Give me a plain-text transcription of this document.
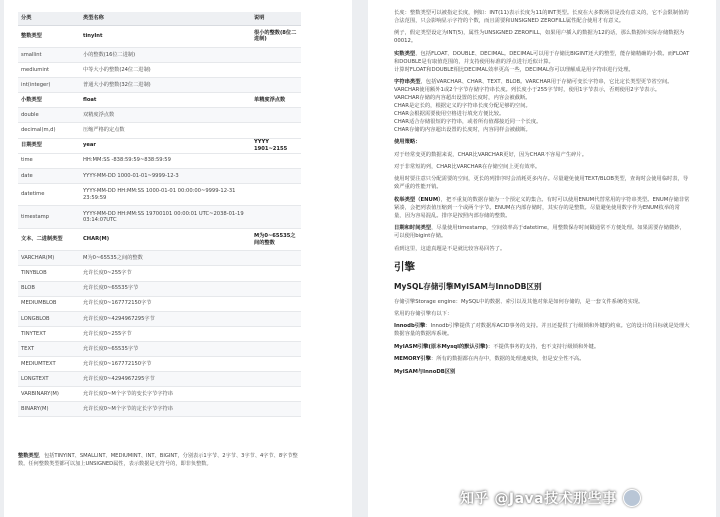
分类	类型名称	说明
整数类型	tinyInt	很小的整数(8位二进制)
smallint	小的整数(16位二进制)	
mediumint	中等大小的整数(24位二进制)	
int(integer)	普通大小的整数(32位二进制)	
小数类型	float	单精度浮点数
double	双精度浮点数	
decimal(m,d)	压缩严格的定点数	
日期类型	year	YYYY 1901~2155
time	HH:MM:SS -838:59:59~838:59:59	
date	YYYY-MM-DD 1000-01-01~9999-12-3	
datetime	YYYY-MM-DD HH:MM:SS 1000-01-01 00:00:00~9999-12-31 23:59:59	
timestamp	YYYY-MM-DD HH:MM:SS 19700101 00:00:01 UTC~2038-01-19 03:14:07UTC	
文本、二进制类型	CHAR(M)	M为0~65535之间的整数
VARCHAR(M)	M为0~65535之间的整数	
TINYBLOB	允许长度0~255字节	
BLOB	允许长度0~65535字节	
MEDIUMBLOB	允许长度0~167772150字节	
LONGBLOB	允许长度0~4294967295字节	
TINYTEXT	允许长度0~255字节	
TEXT	允许长度0~65535字节	
MEDIUMTEXT	允许长度0~167772150字节	
LONGTEXT	允许长度0~4294967295字节	
VARBINARY(M)	允许长度0~M个字节的变长字节字符串	
BINARY(M)	允许长度0~M个字节的定长字节字符串	
整数类型，包括TINYINT、SMALLINT、MEDIUMINT、INT、BIGINT，分别表示1字节、2字节、3字节、4字节、8字节整数。任何整数类型都可以加上UNSIGNED属性，表示数据是无符号的，即非负整数。

长度：整数类型可以被指定长度，例如：INT(11)表示长度为11的INT类型。长度在大多数场景是没有意义的，它不会限制值的合法范围，只会影响显示字符的个数，而且需要和UNSIGNED ZEROFILL属性配合使用才有意义。

例子，假定类型设定为INT(5)，属性为UNSIGNED ZEROFILL，如果用户插入的数据为12的话，那么数据库实际存储数据为00012。

实数类型，包括FLOAT、DOUBLE、DECIMAL。DECIMAL可以用于存储比BIGINT还大的整型，能存储精确的小数。而FLOAT和DOUBLE是有取值范围的，并支持使用标准的浮点进行近似计算。

计算时FLOAT和DOUBLE相比DECIMAL效率更高一些，DECIMAL你可以理解成是用字符串进行处理。

字符串类型，包括VARCHAR、CHAR、TEXT、BLOB。VARCHAR用于存储可变长字符串，它比定长类型更节省空间。

VARCHAR使用额外1或2个字节存储字符串长度。列长度小于255字节时，使用1字节表示，否则使用2字节表示。
VARCHAR存储的内容超出设置的长度时，内容会被截断。
CHAR是定长的，根据定义的字符串长度分配足够的空间。
CHAR会根据需要使用空格进行填充方便比较。
CHAR适合存储很短的字符串，或者所有值都接近同一个长度。
CHAR存储的内容超出设置的长度时，内容同样会被截断。

使用策略：

对于经常变更的数据来说，CHAR比VARCHAR更好，因为CHAR不容易产生碎片。

对于非常短的列，CHAR比VARCHAR在存储空间上更有效率。

使用时要注意只分配需要的空间，更长的列排序时会消耗更多内存。尽量避免使用TEXT/BLOB类型，查询时会使用临时表，导致严重的性能开销。

枚举类型（ENUM），把不重复的数据存储为一个预定义的集合。有时可以使用ENUM代替常用的字符串类型。ENUM存储非常紧凑，会把列表值压缩到一个或两个字节。ENUM在内部存储时，其实存的是整数。尽量避免使用数字作为ENUM枚举的常量，因为容易混乱。排序是按照内部存储的整数。

日期和时间类型，尽量使用timestamp，空间效率高于datetime，用整数保存时间戳通常不方便处理。如果需要存储微妙，可以使用bigint存储。

看到这里，这道真题是不是就比较容易回答了。

引擎
MySQL存储引擎MyISAM与InnoDB区别

存储引擎Storage engine：MySQL中的数据、索引以及其他对象是如何存储的，是一套文件系统的实现。

常用的存储引擎有以下：

Innodb引擎：Innodb引擎提供了对数据库ACID事务的支持。并且还提供了行级锁和外键的约束。它的设计的目标就是处理大数据容量的数据库系统。

MyIASM引擎(原本Mysql的默认引擎)：不提供事务的支持，也不支持行级锁和外键。

MEMORY引擎：所有的数据都在内存中，数据的处理速度快，但是安全性不高。

MyISAM与InnoDB区别

知乎 @Java技术那些事
